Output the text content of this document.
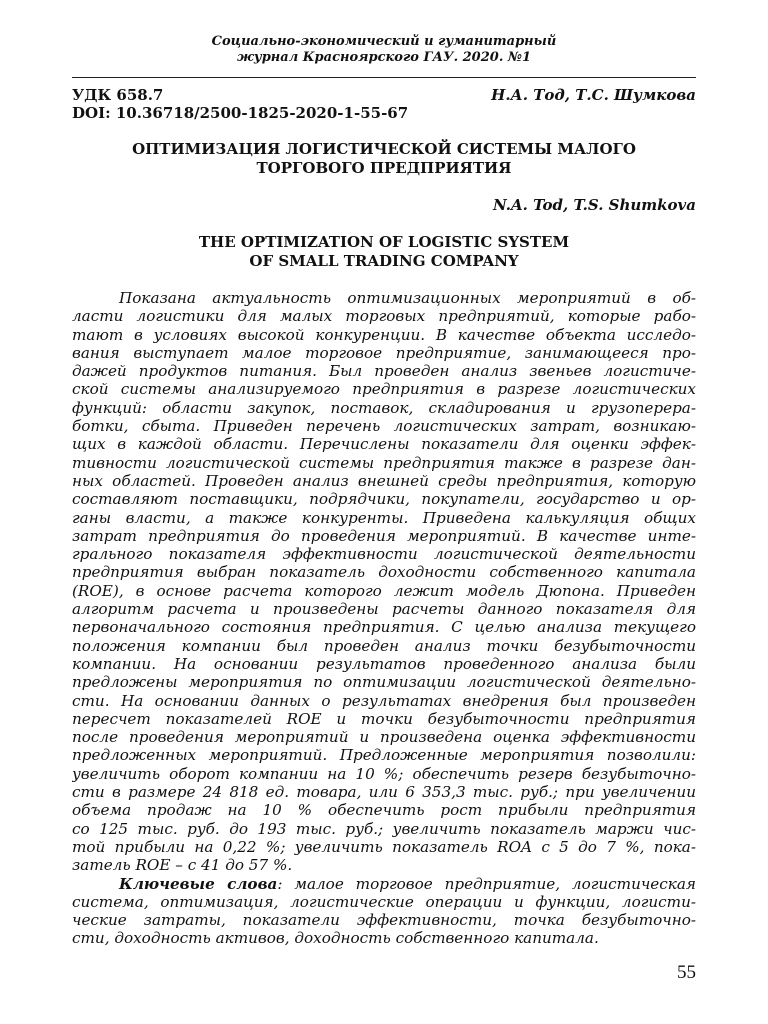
Социально-экономический и гуманитарный
журнал Красноярского ГАУ. 2020. №1
УДК 658.7	Н.А. Тод, Т.С. Шумкова
DOI: 10.36718/2500-1825-2020-1-55-67
ОПТИМИЗАЦИЯ ЛОГИСТИЧЕСКОЙ СИСТЕМЫ МАЛОГО
ТОРГОВОГО ПРЕДПРИЯТИЯ
N.A. Tod, T.S. Shumkova
THE OPTIMIZATION OF LOGISTIC SYSTEM
OF SMALL TRADING COMPANY
Показана актуальность оптимизационных мероприятий в об-
ласти логистики для малых торговых предприятий, которые рабо-
тают в условиях высокой конкуренции. В качестве объекта исследо-
вания выступает малое торговое предприятие, занимающееся про-
дажей продуктов питания. Был проведен анализ звеньев логистиче-
ской системы анализируемого предприятия в разрезе логистических
функций: области закупок, поставок, складирования и грузоперера-
ботки, сбыта. Приведен перечень логистических затрат, возникаю-
щих в каждой области. Перечислены показатели для оценки эффек-
тивности логистической системы предприятия также в разрезе дан-
ных областей. Проведен анализ внешней среды предприятия, которую
составляют поставщики, подрядчики, покупатели, государство и ор-
ганы власти, а также конкуренты. Приведена калькуляция общих
затрат предприятия до проведения мероприятий. В качестве инте-
грального показателя эффективности логистической деятельности
предприятия выбран показатель доходности собственного капитала
(ROE), в основе расчета которого лежит модель Дюпона. Приведен
алгоритм расчета и произведены расчеты данного показателя для
первоначального состояния предприятия. С целью анализа текущего
положения компании был проведен анализ точки безубыточности
компании. На основании результатов проведенного анализа были
предложены мероприятия по оптимизации логистической деятельно-
сти. На основании данных о результатах внедрения был произведен
пересчет показателей ROE и точки безубыточности предприятия
после проведения мероприятий и произведена оценка эффективности
предложенных мероприятий. Предложенные мероприятия позволили:
увеличить оборот компании на 10 %; обеспечить резерв безубыточно-
сти в размере 24 818 ед. товара, или 6 353,3 тыс. руб.; при увеличении
объема продаж на 10 % обеспечить рост прибыли предприятия
со 125 тыс. руб. до 193 тыс. руб.; увеличить показатель маржи чис-
той прибыли на 0,22 %; увеличить показатель ROA с 5 до 7 %, пока-
затель ROE – с 41 до 57 %.
Ключевые слова: малое торговое предприятие, логистическая
система, оптимизация, логистические операции и функции, логисти-
ческие затраты, показатели эффективности, точка безубыточно-
сти, доходность активов, доходность собственного капитала.
55
